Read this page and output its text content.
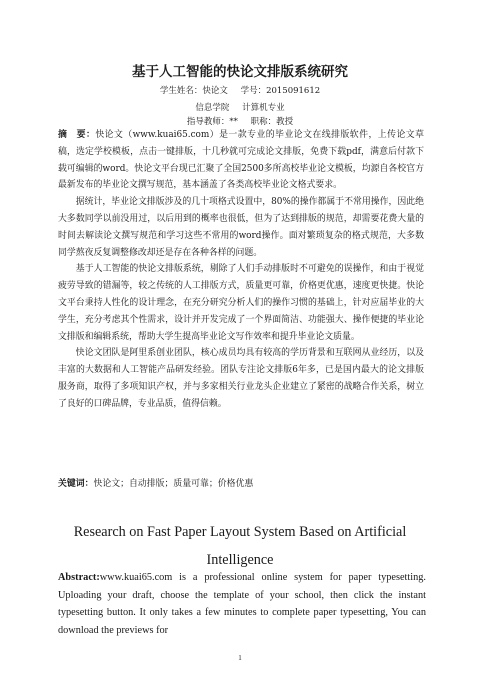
基于人工智能的快论文排版系统研究
学生姓名：快论文 学号：2015091612
信息学院 计算机专业
指导教师：** 职称：教授

摘　要：快论文（www.kuai65.com）是一款专业的毕业论文在线排版软件，上传论文草稿，选定学校模板，点击一键排版，十几秒就可完成论文排版，免费下载pdf，满意后付款下载可编辑的word。快论文平台现已汇聚了全国2500多所高校毕业论文模板，均源自各校官方最新发布的毕业论文撰写规范，基本涵盖了各类高校毕业论文格式要求。

据统计，毕业论文排版涉及的几十项格式设置中，80%的操作都属于不常用操作，因此绝大多数同学以前没用过，以后用到的概率也很低，但为了达到排版的规范，却需要花费大量的时间去解读论文撰写规范和学习这些不常用的word操作。面对繁琐复杂的格式规范，大多数同学熬夜反复调整修改却还是存在各种各样的问题。

基于人工智能的快论文排版系统，剔除了人们手动排版时不可避免的误操作，和由于视觉疲劳导致的错漏等，较之传统的人工排版方式，质量更可靠，价格更优惠，速度更快捷。快论文平台秉持人性化的设计理念，在充分研究分析人们的操作习惯的基础上，针对应届毕业的大学生，充分考虑其个性需求，设计并开发完成了一个界面简洁、功能强大、操作便捷的毕业论文排版和编辑系统，帮助大学生提高毕业论文写作效率和提升毕业论文质量。

快论文团队是阿里系创业团队，核心成员均具有较高的学历背景和互联网从业经历，以及丰富的大数据和人工智能产品研发经验。团队专注论文排版6年多，已是国内最大的论文排版服务商，取得了多项知识产权，并与多家相关行业龙头企业建立了紧密的战略合作关系，树立了良好的口碑品牌，专业品质，值得信赖。

关键词：快论文；自动排版；质量可靠；价格优惠

Research on Fast Paper Layout System Based on Artificial
Intelligence

Abstract:www.kuai65.com is a professional online system for paper typesetting. Uploading your draft, choose the template of your school, then click the instant typesetting button. It only takes a few minutes to complete paper typesetting, You can download the previews for

1
